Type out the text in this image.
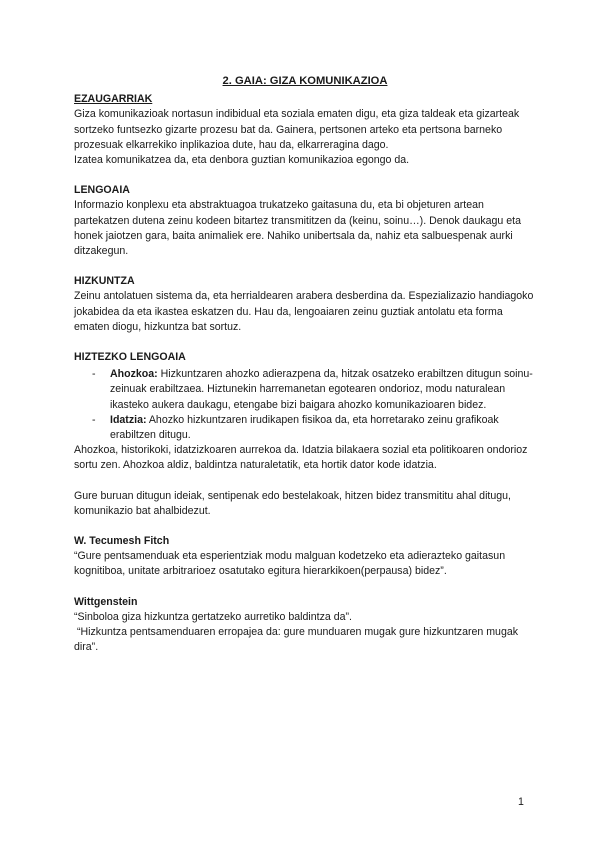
2. GAIA: GIZA KOMUNIKAZIOA

EZAUGARRIAK

Giza komunikazioak nortasun indibidual eta soziala ematen digu, eta giza taldeak eta gizarteak sortzeko funtsezko gizarte prozesu bat da. Gainera, pertsonen arteko eta pertsona barneko prozesuak elkarrekiko inplikazioa dute, hau da, elkarreragina dago.

Izatea komunikatzea da, eta denbora guztian komunikazioa egongo da.

LENGOAIA

Informazio konplexu eta abstraktuagoa trukatzeko gaitasuna du, eta bi objeturen artean partekatzen dutena zeinu kodeen bitartez transmititzen da (keinu, soinu…). Denok daukagu eta honek jaiotzen gara, baita animaliek ere. Nahiko unibertsala da, nahiz eta salbuespenak aurki ditzakegun.

HIZKUNTZA

Zeinu antolatuen sistema da, eta herrialdearen arabera desberdina da. Espezializazio handiagoko jokabidea da eta ikastea eskatzen du. Hau da, lengoaiaren zeinu guztiak antolatu eta forma ematen diogu, hizkuntza bat sortuz.

HIZTEZKO LENGOAIA

- Ahozkoa: Hizkuntzaren ahozko adierazpena da, hitzak osatzeko erabiltzen ditugun soinu-zeinuak erabiltzaea. Hiztunekin harremanetan egotearen ondorioz, modu naturalean ikasteko aukera daukagu, etengabe bizi baigara ahozko komunikazioaren bidez.
- Idatzia: Ahozko hizkuntzaren irudikapen fisikoa da, eta horretarako zeinu grafikoak erabiltzen ditugu.

Ahozkoa, historikoki, idatzizkoaren aurrekoa da. Idatzia bilakaera sozial eta politikoaren ondorioz sortu zen. Ahozkoa aldiz, baldintza naturaletatik, eta hortik dator kode idatzia.

Gure buruan ditugun ideiak, sentipenak edo bestelakoak, hitzen bidez transmititu ahal ditugu, komunikazio bat ahalbidezut.

W. Tecumesh Fitch

“Gure pentsamenduak eta esperientziak modu malguan kodetzeko eta adierazteko gaitasun kognitiboa, unitate arbitrarioez osatutako egitura hierarkikoen(perpausa) bidez”.

Wittgenstein

“Sinboloa giza hizkuntza gertatzeko aurretiko baldintza da”.

“Hizkuntza pentsamenduaren erropajea da: gure munduaren mugak gure hizkuntzaren mugak dira”.

1
